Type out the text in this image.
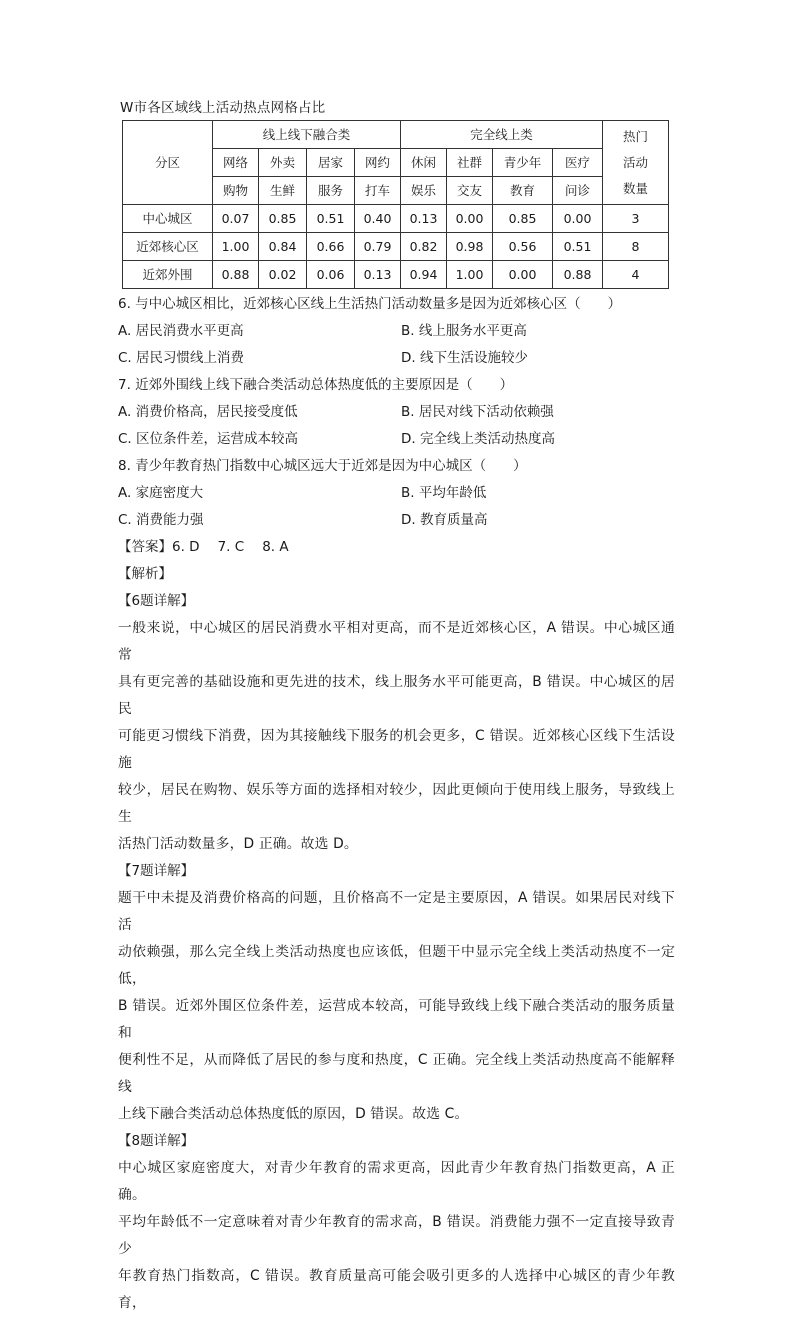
W市各区域线上活动热点网格占比
分区	线上线下融合类				完全线上类				热门
活动
数量

	网络	外卖	居家	网约	休闲	社群	青少年	医疗	
	购物	生鲜	服务	打车	娱乐	交友	教育	问诊	
中心城区	0.07	0.85	0.51	0.40	0.13	0.00	0.85	0.00	3
近郊核心区	1.00	0.84	0.66	0.79	0.82	0.98	0.56	0.51	8
近郊外围	0.88	0.02	0.06	0.13	0.94	1.00	0.00	0.88	4
6. 与中心城区相比，近郊核心区线上生活热门活动数量多是因为近郊核心区（　　）
A. 居民消费水平更高	B. 线上服务水平更高
C. 居民习惯线上消费	D. 线下生活设施较少
7. 近郊外围线上线下融合类活动总体热度低的主要原因是（　　）
A. 消费价格高，居民接受度低	B. 居民对线下活动依赖强
C. 区位条件差，运营成本较高	D. 完全线上类活动热度高
8. 青少年教育热门指数中心城区远大于近郊是因为中心城区（　　）
A. 家庭密度大	B. 平均年龄低
C. 消费能力强	D. 教育质量高
【答案】6. D 7. C 8. A
【解析】
【6题详解】
一般来说，中心城区的居民消费水平相对更高，而不是近郊核心区，A 错误。中心城区通常
具有更完善的基础设施和更先进的技术，线上服务水平可能更高，B 错误。中心城区的居民
可能更习惯线下消费，因为其接触线下服务的机会更多，C 错误。近郊核心区线下生活设施
较少，居民在购物、娱乐等方面的选择相对较少，因此更倾向于使用线上服务，导致线上生
活热门活动数量多，D 正确。故选 D。
【7题详解】
题干中未提及消费价格高的问题，且价格高不一定是主要原因，A 错误。如果居民对线下活
动依赖强，那么完全线上类活动热度也应该低，但题干中显示完全线上类活动热度不一定低，
B 错误。近郊外围区位条件差，运营成本较高，可能导致线上线下融合类活动的服务质量和
便利性不足，从而降低了居民的参与度和热度，C 正确。完全线上类活动热度高不能解释线
上线下融合类活动总体热度低的原因，D 错误。故选 C。
【8题详解】
中心城区家庭密度大，对青少年教育的需求更高，因此青少年教育热门指数更高，A 正确。
平均年龄低不一定意味着对青少年教育的需求高，B 错误。消费能力强不一定直接导致青少
年教育热门指数高，C 错误。教育质量高可能会吸引更多的人选择中心城区的青少年教育，
